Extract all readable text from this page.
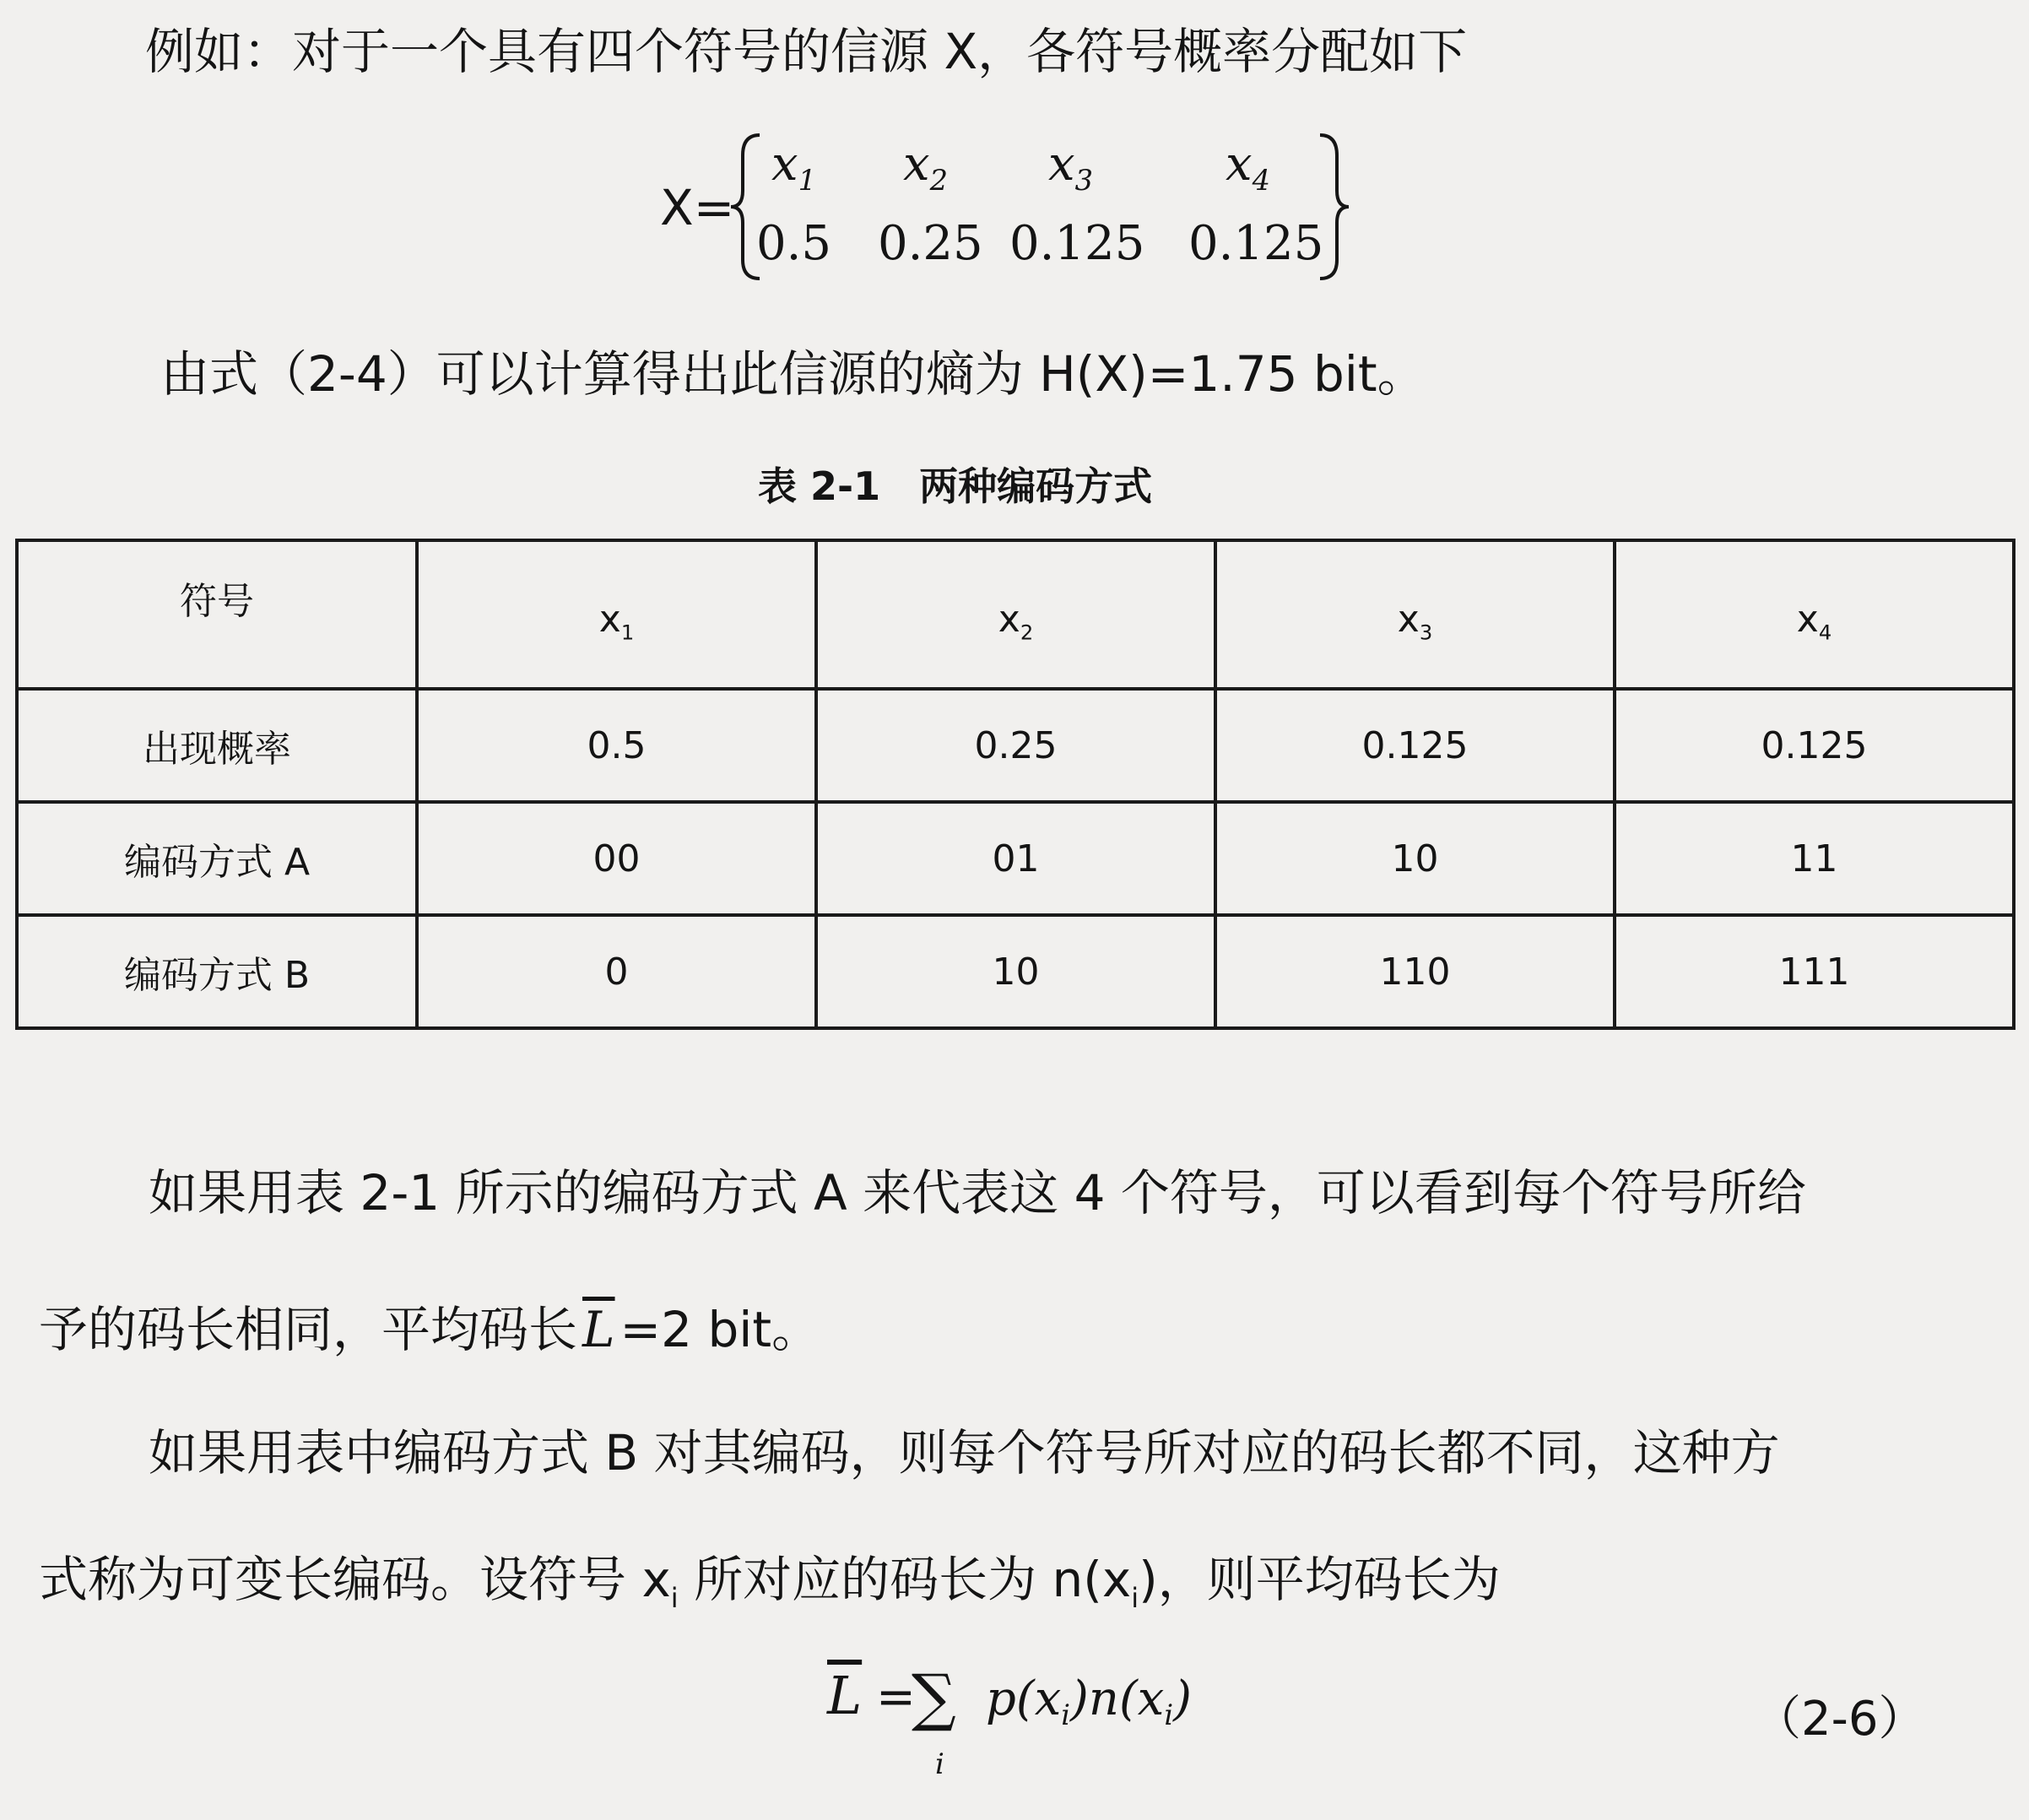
例如：对于一个具有四个符号的信源 X，各符号概率分配如下
X=
$x_1$ $x_2$ $x_3$	$x_4$
0.5 0.25 0.125 0.125
由式（2-4）可以计算得出此信源的熵为 H(X)=1.75 bit。
表 2-1　两种编码方式
符号	$x_1$	$x_2$	$x_3$	$x_4$
出现概率	0.5	0.25	0.125	0.125
编码方式 A	00	01	10	11
编码方式 B	0	10	110	111
如果用表 2-1 所示的编码方式 A 来代表这 4 个符号，可以看到每个符号所给
予的码长相同，平均码长 $\overline{L} =2$ bit。
如果用表中编码方式 B 对其编码，则每个符号所对应的码长都不同，这种方
式称为可变长编码。设符号 $x_i$ 所对应的码长为 $n(x_i)$，则平均码长为
$\overline{L}$ =
∑
i
$p(x_i)n(x_i)$	（2-6）
